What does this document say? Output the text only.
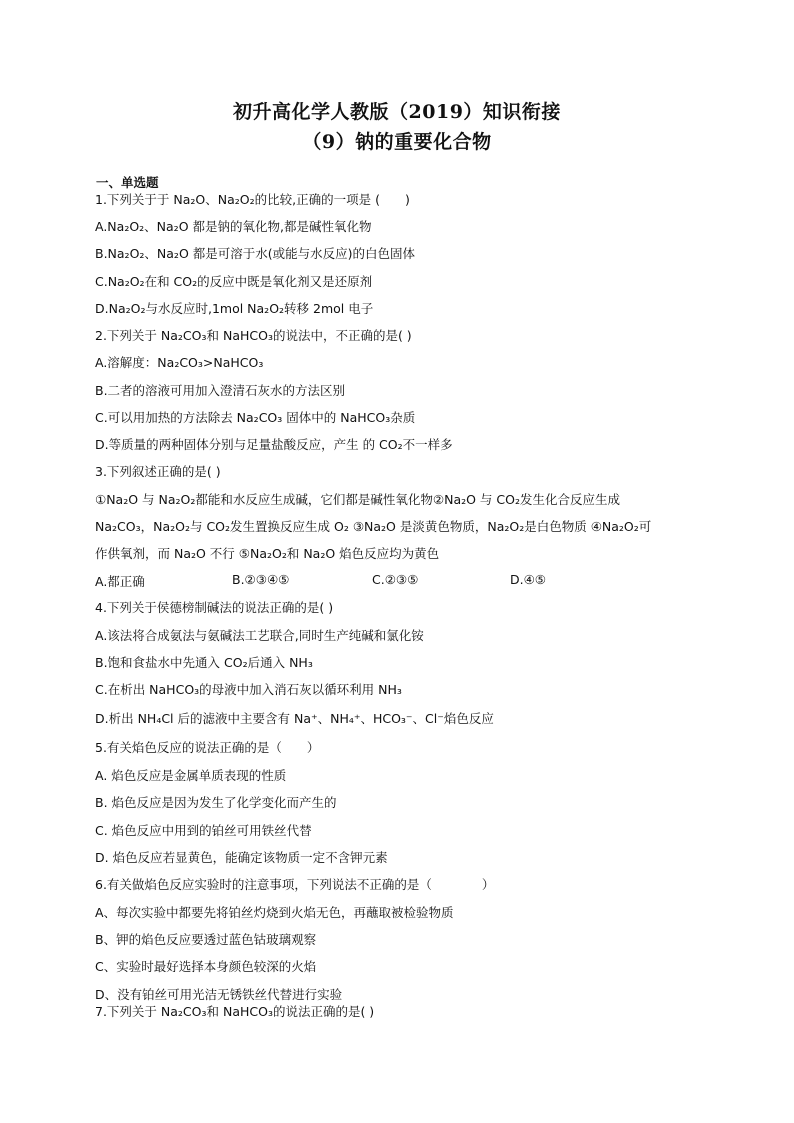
初升高化学人教版（2019）知识衔接
（9）钠的重要化合物
一、单选题
1.下列关于于 Na₂O、Na₂O₂的比较,正确的一项是 (　　)
A.Na₂O₂、Na₂O 都是钠的氧化物,都是碱性氧化物
B.Na₂O₂、Na₂O 都是可溶于水(或能与水反应)的白色固体
C.Na₂O₂在和 CO₂的反应中既是氧化剂又是还原剂
D.Na₂O₂与水反应时,1mol Na₂O₂转移 2mol 电子
2.下列关于 Na₂CO₃和 NaHCO₃的说法中，不正确的是( )
A.溶解度：Na₂CO₃>NaHCO₃
B.二者的溶液可用加入澄清石灰水的方法区别
C.可以用加热的方法除去 Na₂CO₃ 固体中的 NaHCO₃杂质
D.等质量的两种固体分别与足量盐酸反应，产生 的 CO₂不一样多
3.下列叙述正确的是( )
①Na₂O 与 Na₂O₂都能和水反应生成碱，它们都是碱性氧化物②Na₂O 与 CO₂发生化合反应生成
Na₂CO₃，Na₂O₂与 CO₂发生置换反应生成 O₂ ③Na₂O 是淡黄色物质，Na₂O₂是白色物质 ④Na₂O₂可
作供氧剂，而 Na₂O 不行 ⑤Na₂O₂和 Na₂O 焰色反应均为黄色
A.都正确	B.②③④⑤	C.②③⑤	D.④⑤
4.下列关于侯德榜制碱法的说法正确的是( )
A.该法将合成氨法与氨碱法工艺联合,同时生产纯碱和氯化铵
B.饱和食盐水中先通入 CO₂后通入 NH₃
C.在析出 NaHCO₃的母液中加入消石灰以循环利用 NH₃
D.析出 NH₄Cl 后的滤液中主要含有 Na⁺、NH₄⁺、HCO₃⁻、Cl⁻焰色反应
5.有关焰色反应的说法正确的是（　　）
A. 焰色反应是金属单质表现的性质
B. 焰色反应是因为发生了化学变化而产生的
C. 焰色反应中用到的铂丝可用铁丝代替
D. 焰色反应若显黄色，能确定该物质一定不含钾元素
6.有关做焰色反应实验时的注意事项，下列说法不正确的是（　　　　）
A、每次实验中都要先将铂丝灼烧到火焰无色，再蘸取被检验物质
B、钾的焰色反应要透过蓝色钴玻璃观察
C、实验时最好选择本身颜色较深的火焰
D、没有铂丝可用光洁无锈铁丝代替进行实验
7.下列关于 Na₂CO₃和 NaHCO₃的说法正确的是( )
